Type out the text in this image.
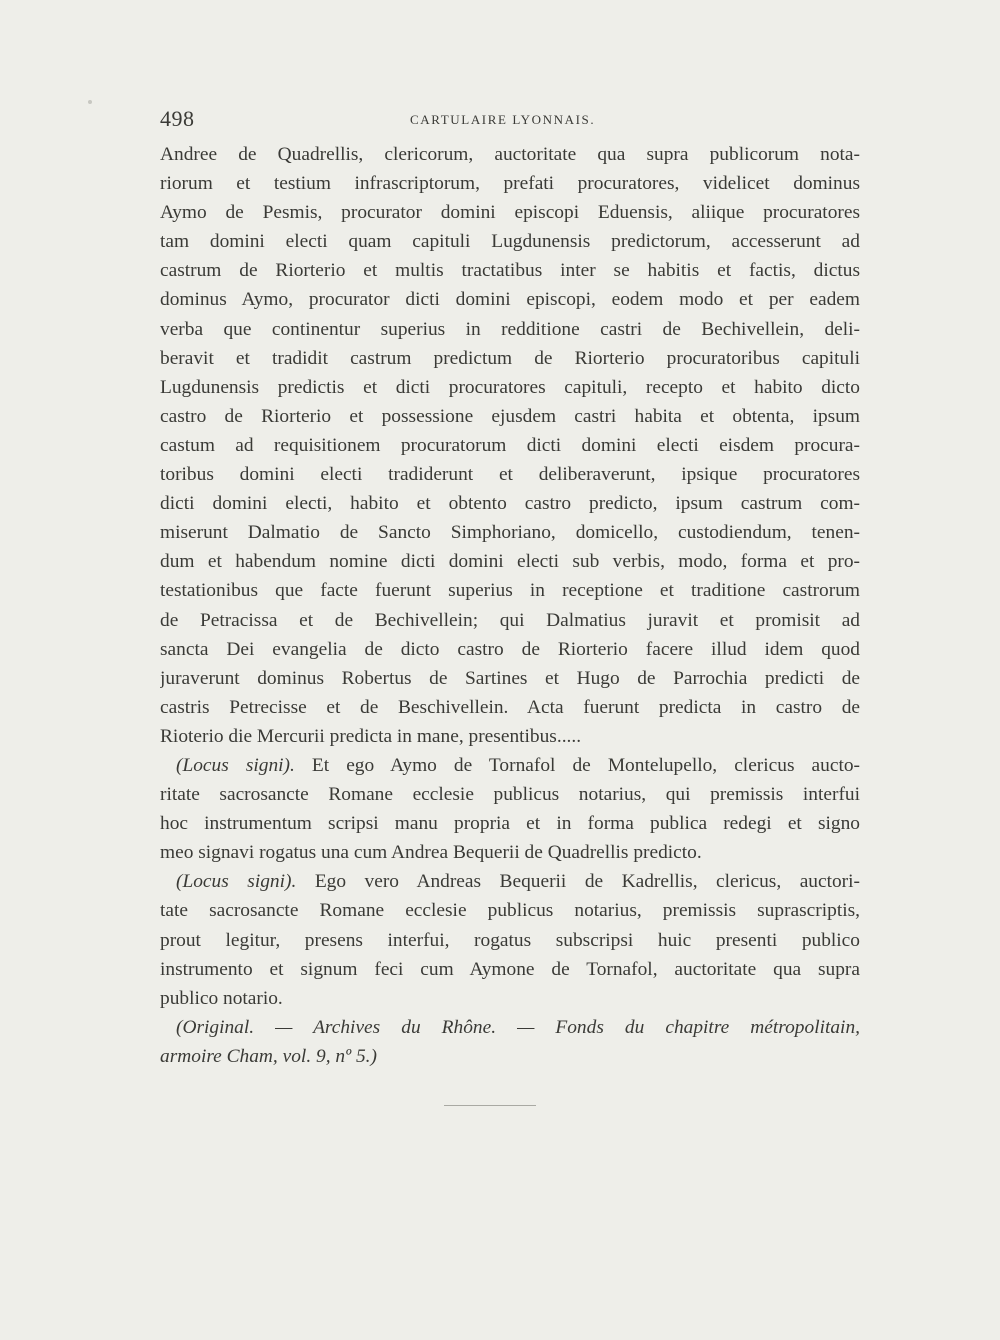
498	CARTULAIRE LYONNAIS.
Andree de Quadrellis, clericorum, auctoritate qua supra publicorum nota-
riorum et testium infrascriptorum, prefati procuratores, videlicet dominus
Aymo de Pesmis, procurator domini episcopi Eduensis, aliique procuratores
tam domini electi quam capituli Lugdunensis predictorum, accesserunt ad
castrum de Riorterio et multis tractatibus inter se habitis et factis, dictus
dominus Aymo, procurator dicti domini episcopi, eodem modo et per eadem
verba que continentur superius in redditione castri de Bechivellein, deli-
beravit et tradidit castrum predictum de Riorterio procuratoribus capituli
Lugdunensis predictis et dicti procuratores capituli, recepto et habito dicto
castro de Riorterio et possessione ejusdem castri habita et obtenta, ipsum
castum ad requisitionem procuratorum dicti domini electi eisdem procura-
toribus domini electi tradiderunt et deliberaverunt, ipsique procuratores
dicti domini electi, habito et obtento castro predicto, ipsum castrum com-
miserunt Dalmatio de Sancto Simphoriano, domicello, custodiendum, tenen-
dum et habendum nomine dicti domini electi sub verbis, modo, forma et pro-
testationibus que facte fuerunt superius in receptione et traditione castrorum
de Petracissa et de Bechivellein; qui Dalmatius juravit et promisit ad
sancta Dei evangelia de dicto castro de Riorterio facere illud idem quod
juraverunt dominus Robertus de Sartines et Hugo de Parrochia predicti de
castris Petrecisse et de Beschivellein. Acta fuerunt predicta in castro de
Rioterio die Mercurii predicta in mane, presentibus.....
(Locus signi). Et ego Aymo de Tornafol de Montelupello, clericus aucto-
ritate sacrosancte Romane ecclesie publicus notarius, qui premissis interfui
hoc instrumentum scripsi manu propria et in forma publica redegi et signo
meo signavi rogatus una cum Andrea Bequerii de Quadrellis predicto.
(Locus signi). Ego vero Andreas Bequerii de Kadrellis, clericus, auctori-
tate sacrosancte Romane ecclesie publicus notarius, premissis suprascriptis,
prout legitur, presens interfui, rogatus subscripsi huic presenti publico
instrumento et signum feci cum Aymone de Tornafol, auctoritate qua supra
publico notario.
(Original. — Archives du Rhône. — Fonds du chapitre métropolitain,
armoire Cham, vol. 9, nº 5.)
